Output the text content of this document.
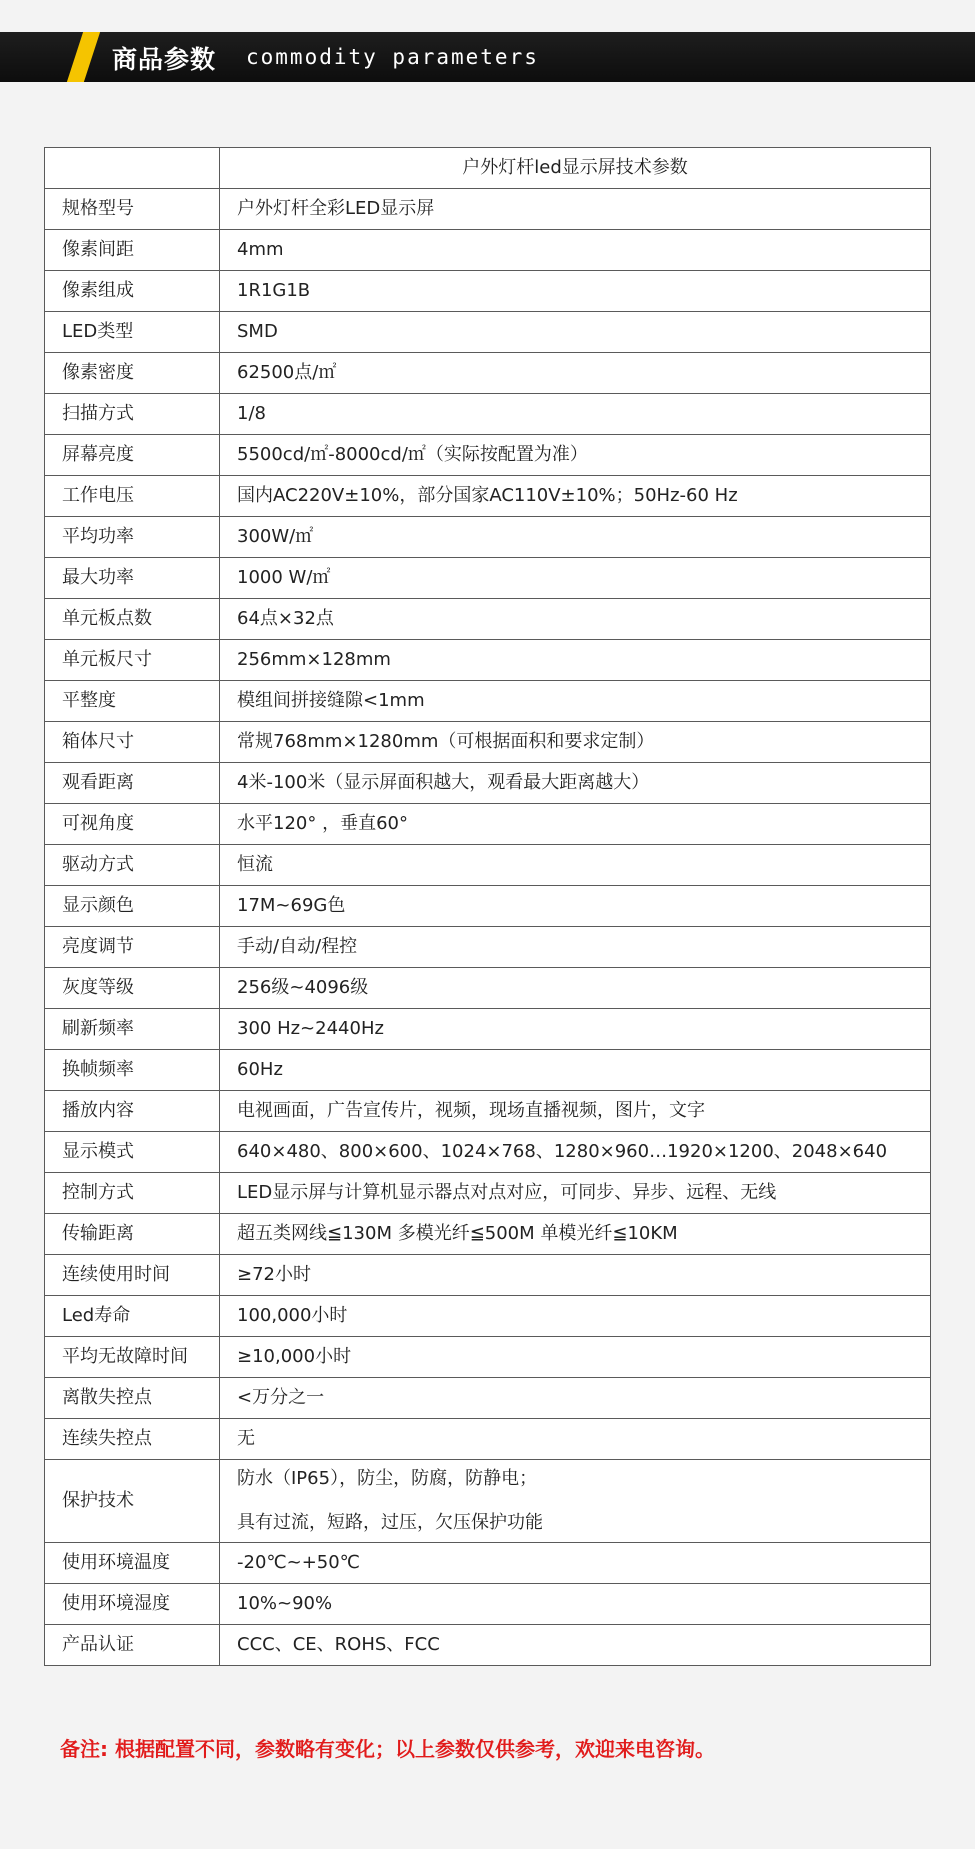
商品参数 commodity parameters
	户外灯杆led显示屏技术参数
规格型号	户外灯杆全彩LED显示屏
像素间距	4mm
像素组成	1R1G1B
LED类型	SMD
像素密度	62500点/㎡
扫描方式	1/8
屏幕亮度	5500cd/㎡-8000cd/㎡（实际按配置为准）
工作电压	国内AC220V±10%，部分国家AC110V±10%；50Hz-60 Hz
平均功率	300W/㎡
最大功率	1000 W/㎡
单元板点数	64点×32点
单元板尺寸	256mm×128mm
平整度	模组间拼接缝隙<1mm
箱体尺寸	常规768mm×1280mm（可根据面积和要求定制）
观看距离	4米-100米（显示屏面积越大，观看最大距离越大）
可视角度	水平120° ，垂直60°
驱动方式	恒流
显示颜色	17M~69G色
亮度调节	手动/自动/程控
灰度等级	256级~4096级
刷新频率	300 Hz~2440Hz
换帧频率	60Hz
播放内容	电视画面，广告宣传片，视频，现场直播视频，图片，文字
显示模式	640×480、800×600、1024×768、1280×960…1920×1200、2048×640
控制方式	LED显示屏与计算机显示器点对点对应，可同步、异步、远程、无线
传输距离	超五类网线≦130M 多模光纤≦500M 单模光纤≦10KM
连续使用时间	≥72小时
Led寿命	100,000小时
平均无故障时间	≥10,000小时
离散失控点	<万分之一
连续失控点	无
保护技术	防水（IP65），防尘，防腐，防静电；
具有过流，短路，过压，欠压保护功能

使用环境温度	-20℃~+50℃
使用环境湿度	10%~90%
产品认证	CCC、CE、ROHS、FCC
备注: 根据配置不同，参数略有变化；以上参数仅供参考，欢迎来电咨询。
